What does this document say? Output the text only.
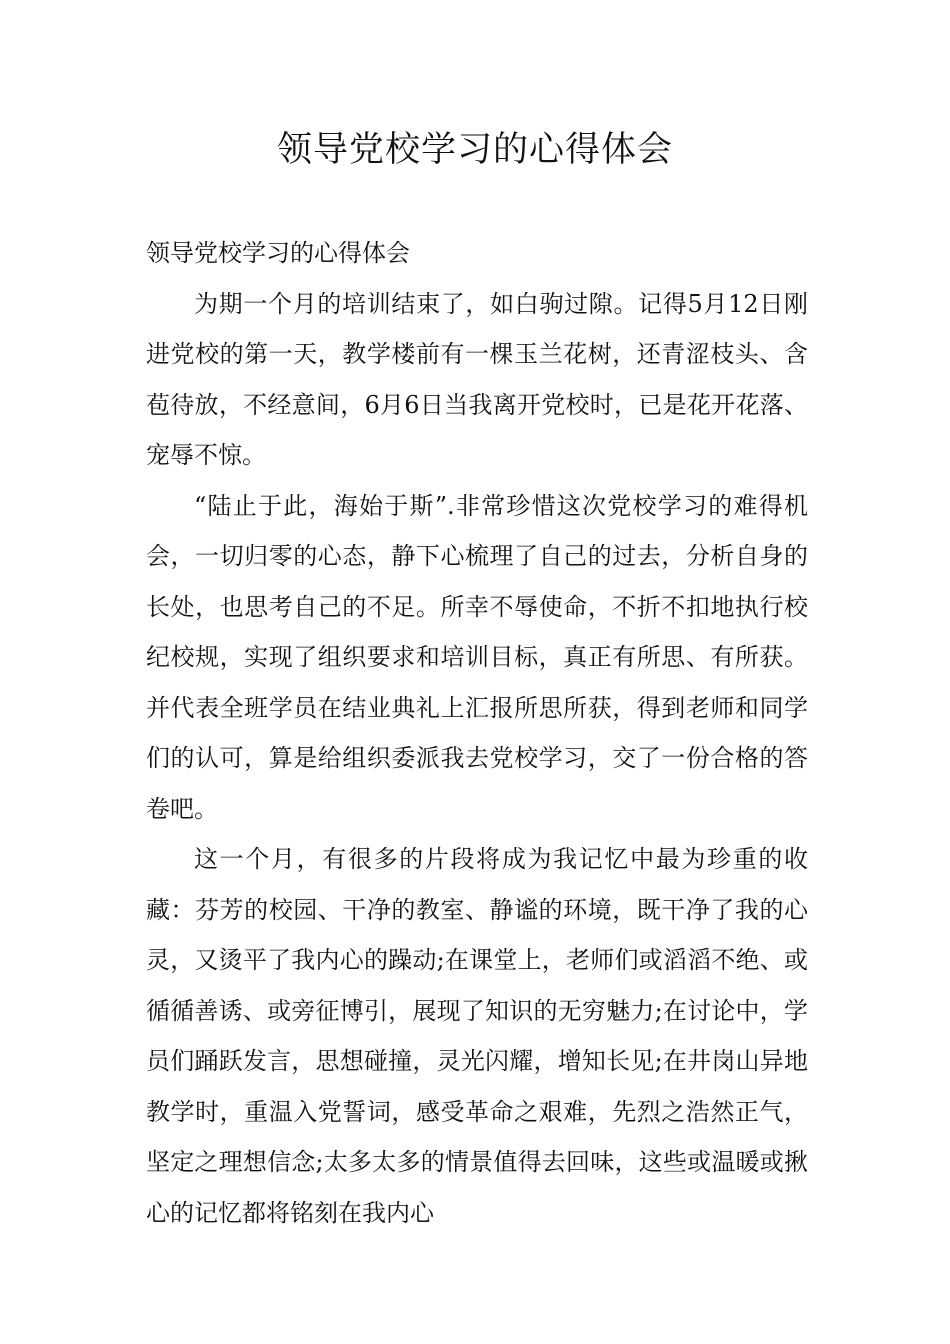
领导党校学习的心得体会

领导党校学习的心得体会

为期一个月的培训结束了，如白驹过隙。记得5月12日刚进党校的第一天，教学楼前有一棵玉兰花树，还青涩枝头、含苞待放，不经意间，6月6日当我离开党校时，已是花开花落、宠辱不惊。

“陆止于此，海始于斯”.非常珍惜这次党校学习的难得机会，一切归零的心态，静下心梳理了自己的过去，分析自身的长处，也思考自己的不足。所幸不辱使命，不折不扣地执行校纪校规，实现了组织要求和培训目标，真正有所思、有所获。并代表全班学员在结业典礼上汇报所思所获，得到老师和同学们的认可，算是给组织委派我去党校学习，交了一份合格的答卷吧。

这一个月，有很多的片段将成为我记忆中最为珍重的收藏：芬芳的校园、干净的教室、静谧的环境，既干净了我的心灵，又烫平了我内心的躁动;在课堂上，老师们或滔滔不绝、或循循善诱、或旁征博引，展现了知识的无穷魅力;在讨论中，学员们踊跃发言，思想碰撞，灵光闪耀，增知长见;在井岗山异地教学时，重温入党誓词，感受革命之艰难，先烈之浩然正气，坚定之理想信念;太多太多的情景值得去回味，这些或温暖或揪心的记忆都将铭刻在我内心
